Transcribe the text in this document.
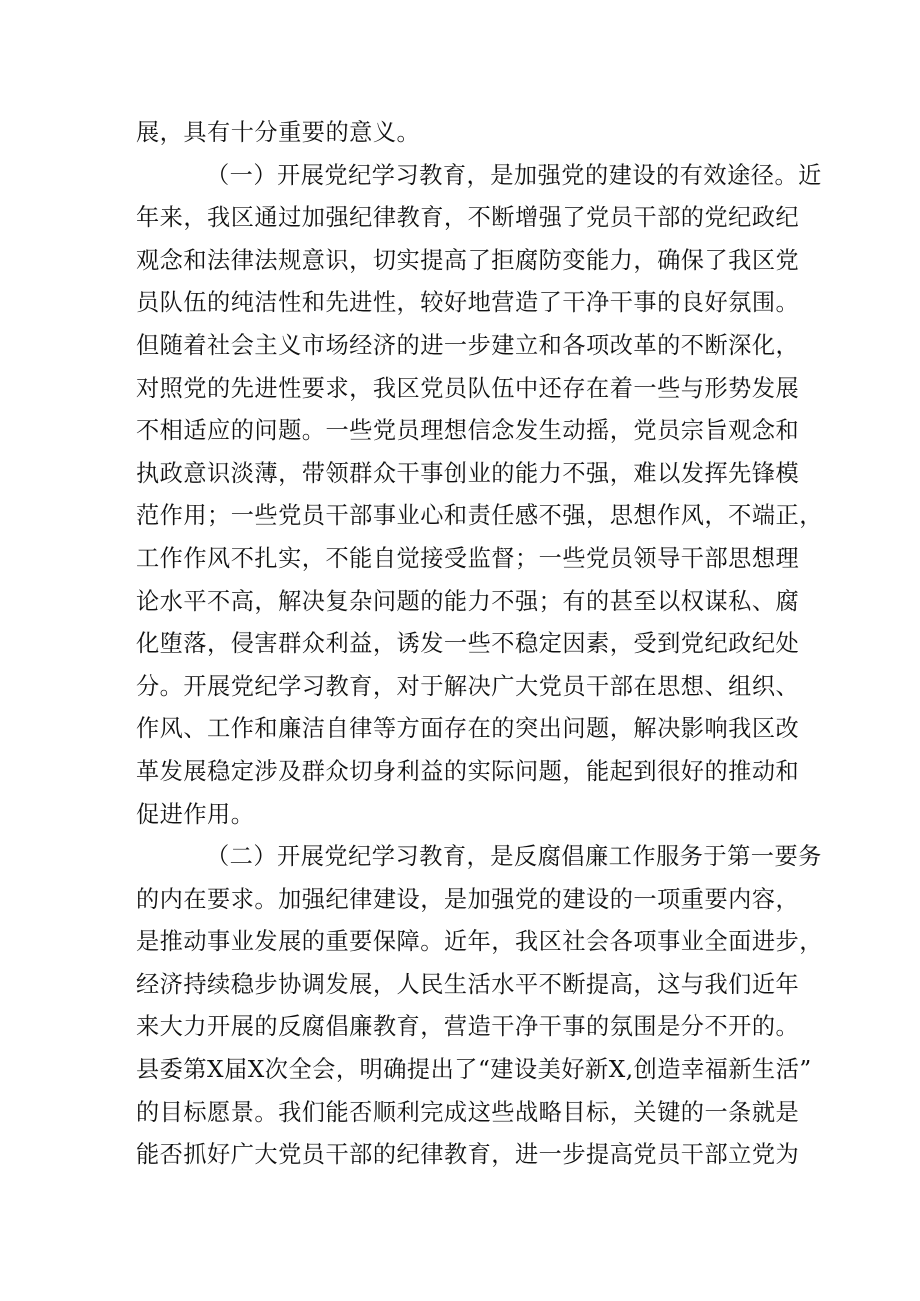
展，具有十分重要的意义。
（一）开展党纪学习教育，是加强党的建设的有效途径。近
年来，我区通过加强纪律教育，不断增强了党员干部的党纪政纪
观念和法律法规意识，切实提高了拒腐防变能力，确保了我区党
员队伍的纯洁性和先进性，较好地营造了干净干事的良好氛围。
但随着社会主义市场经济的进一步建立和各项改革的不断深化，
对照党的先进性要求，我区党员队伍中还存在着一些与形势发展
不相适应的问题。一些党员理想信念发生动摇，党员宗旨观念和
执政意识淡薄，带领群众干事创业的能力不强，难以发挥先锋模
范作用；一些党员干部事业心和责任感不强，思想作风，不端正，
工作作风不扎实，不能自觉接受监督；一些党员领导干部思想理
论水平不高，解决复杂问题的能力不强；有的甚至以权谋私、腐
化堕落，侵害群众利益，诱发一些不稳定因素，受到党纪政纪处
分。开展党纪学习教育，对于解决广大党员干部在思想、组织、
作风、工作和廉洁自律等方面存在的突出问题，解决影响我区改
革发展稳定涉及群众切身利益的实际问题，能起到很好的推动和
促进作用。
（二）开展党纪学习教育，是反腐倡廉工作服务于第一要务
的内在要求。加强纪律建设，是加强党的建设的一项重要内容，
是推动事业发展的重要保障。近年，我区社会各项事业全面进步，
经济持续稳步协调发展，人民生活水平不断提高，这与我们近年
来大力开展的反腐倡廉教育，营造干净干事的氛围是分不开的。
县委第X届X次全会，明确提出了“建设美好新X,创造幸福新生活”
的目标愿景。我们能否顺利完成这些战略目标，关键的一条就是
能否抓好广大党员干部的纪律教育，进一步提高党员干部立党为
